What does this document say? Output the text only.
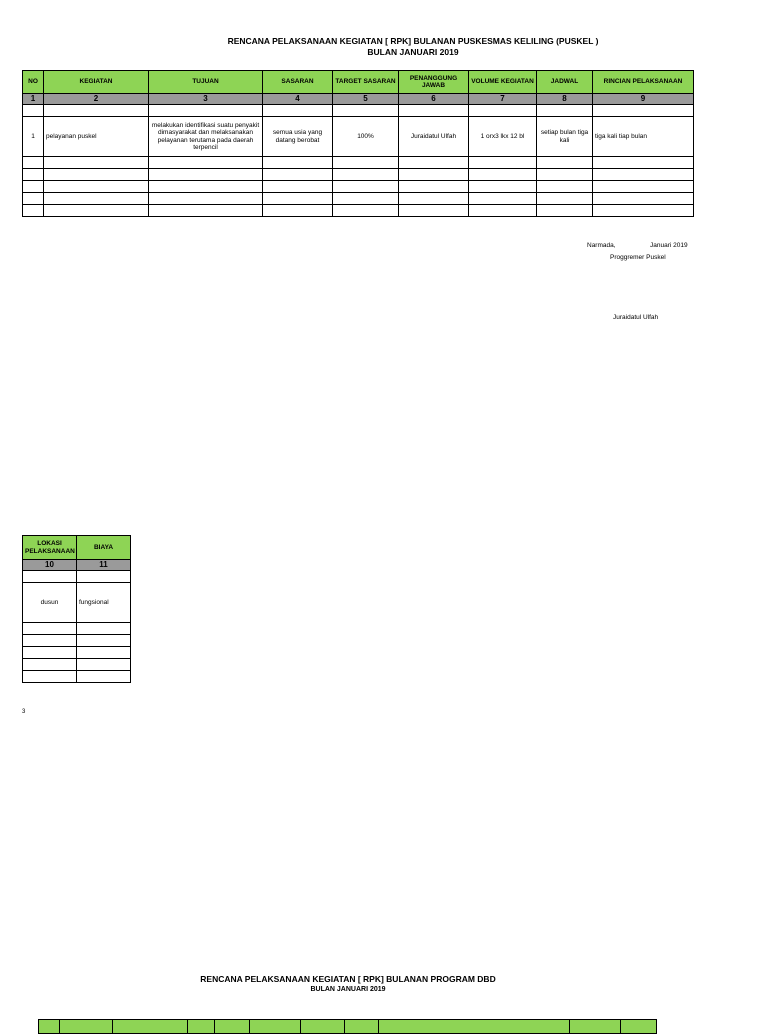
RENCANA PELAKSANAAN KEGIATAN [ RPK] BULANAN PUSKESMAS KELILING (PUSKEL )
BULAN JANUARI 2019
NO	KEGIATAN	TUJUAN	SASARAN	TARGET SASARAN	PENANGGUNG JAWAB	VOLUME KEGIATAN	JADWAL	RINCIAN PELAKSANAAN
1	2	3	4	5	6	7	8	9

1	pelayanan puskel	melakukan identifikasi suatu penyakit dimasyarakat dan melaksanakan pelayanan terutama pada daerah terpencil	semua usia yang datang berobat	100%	Juraidatul Ulfah	1 orx3 lkx 12 bl	setiap bulan tiga kali	tiga kali tiap bulan

Narmada,	Januari 2019
Proggremer Puskel
Juraidatul Ulfah
LOKASI PELAKSANAAN	BIAYA
10	11

dusun	fungsional

3
RENCANA PELAKSANAAN KEGIATAN [ RPK] BULANAN PROGRAM DBD
BULAN JANUARI 2019
